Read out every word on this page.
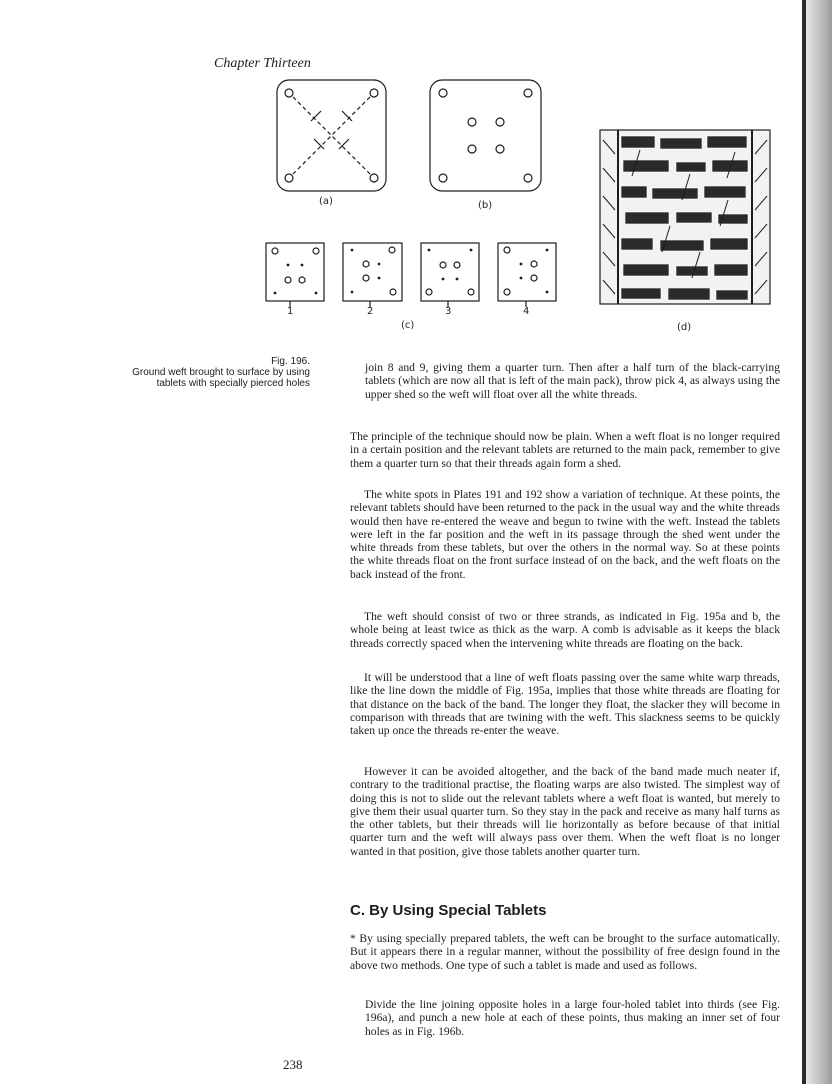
Chapter Thirteen
(a)	(b)
(c)	(d)
1	2	3	4
Fig. 196.
Ground weft brought to surface by using
tablets with specially pierced holes
join 8 and 9, giving them a quarter turn. Then after a half turn of the black-carrying tablets (which are now all that is left of the main pack), throw pick 4, as always using the upper shed so the weft will float over all the white threads.
The principle of the technique should now be plain. When a weft float is no longer required in a certain position and the relevant tablets are returned to the main pack, remember to give them a quarter turn so that their threads again form a shed.
The white spots in Plates 191 and 192 show a variation of technique. At these points, the relevant tablets should have been returned to the pack in the usual way and the white threads would then have re-entered the weave and begun to twine with the weft. Instead the tablets were left in the far position and the weft in its passage through the shed went under the white threads from these tablets, but over the others in the normal way. So at these points the white threads float on the front surface instead of on the back, and the weft floats on the back instead of the front.
The weft should consist of two or three strands, as indicated in Fig. 195a and b, the whole being at least twice as thick as the warp. A comb is advisable as it keeps the black threads correctly spaced when the intervening white threads are floating on the back.
It will be understood that a line of weft floats passing over the same white warp threads, like the line down the middle of Fig. 195a, implies that those white threads are floating for that distance on the back of the band. The longer they float, the slacker they will become in comparison with threads that are twining with the weft. This slackness seems to be quickly taken up once the threads re-enter the weave.
However it can be avoided altogether, and the back of the band made much neater if, contrary to the traditional practise, the floating warps are also twisted. The simplest way of doing this is not to slide out the relevant tablets where a weft float is wanted, but merely to give them their usual quarter turn. So they stay in the pack and receive as many half turns as the other tablets, but their threads will lie horizontally as before because of that initial quarter turn and the weft will always pass over them. When the weft float is no longer wanted in that position, give those tablets another quarter turn.
C. By Using Special Tablets
* By using specially prepared tablets, the weft can be brought to the surface automatically. But it appears there in a regular manner, without the possibility of free design found in the above two methods. One type of such a tablet is made and used as follows.
Divide the line joining opposite holes in a large four-holed tablet into thirds (see Fig. 196a), and punch a new hole at each of these points, thus making an inner set of four holes as in Fig. 196b.
238
